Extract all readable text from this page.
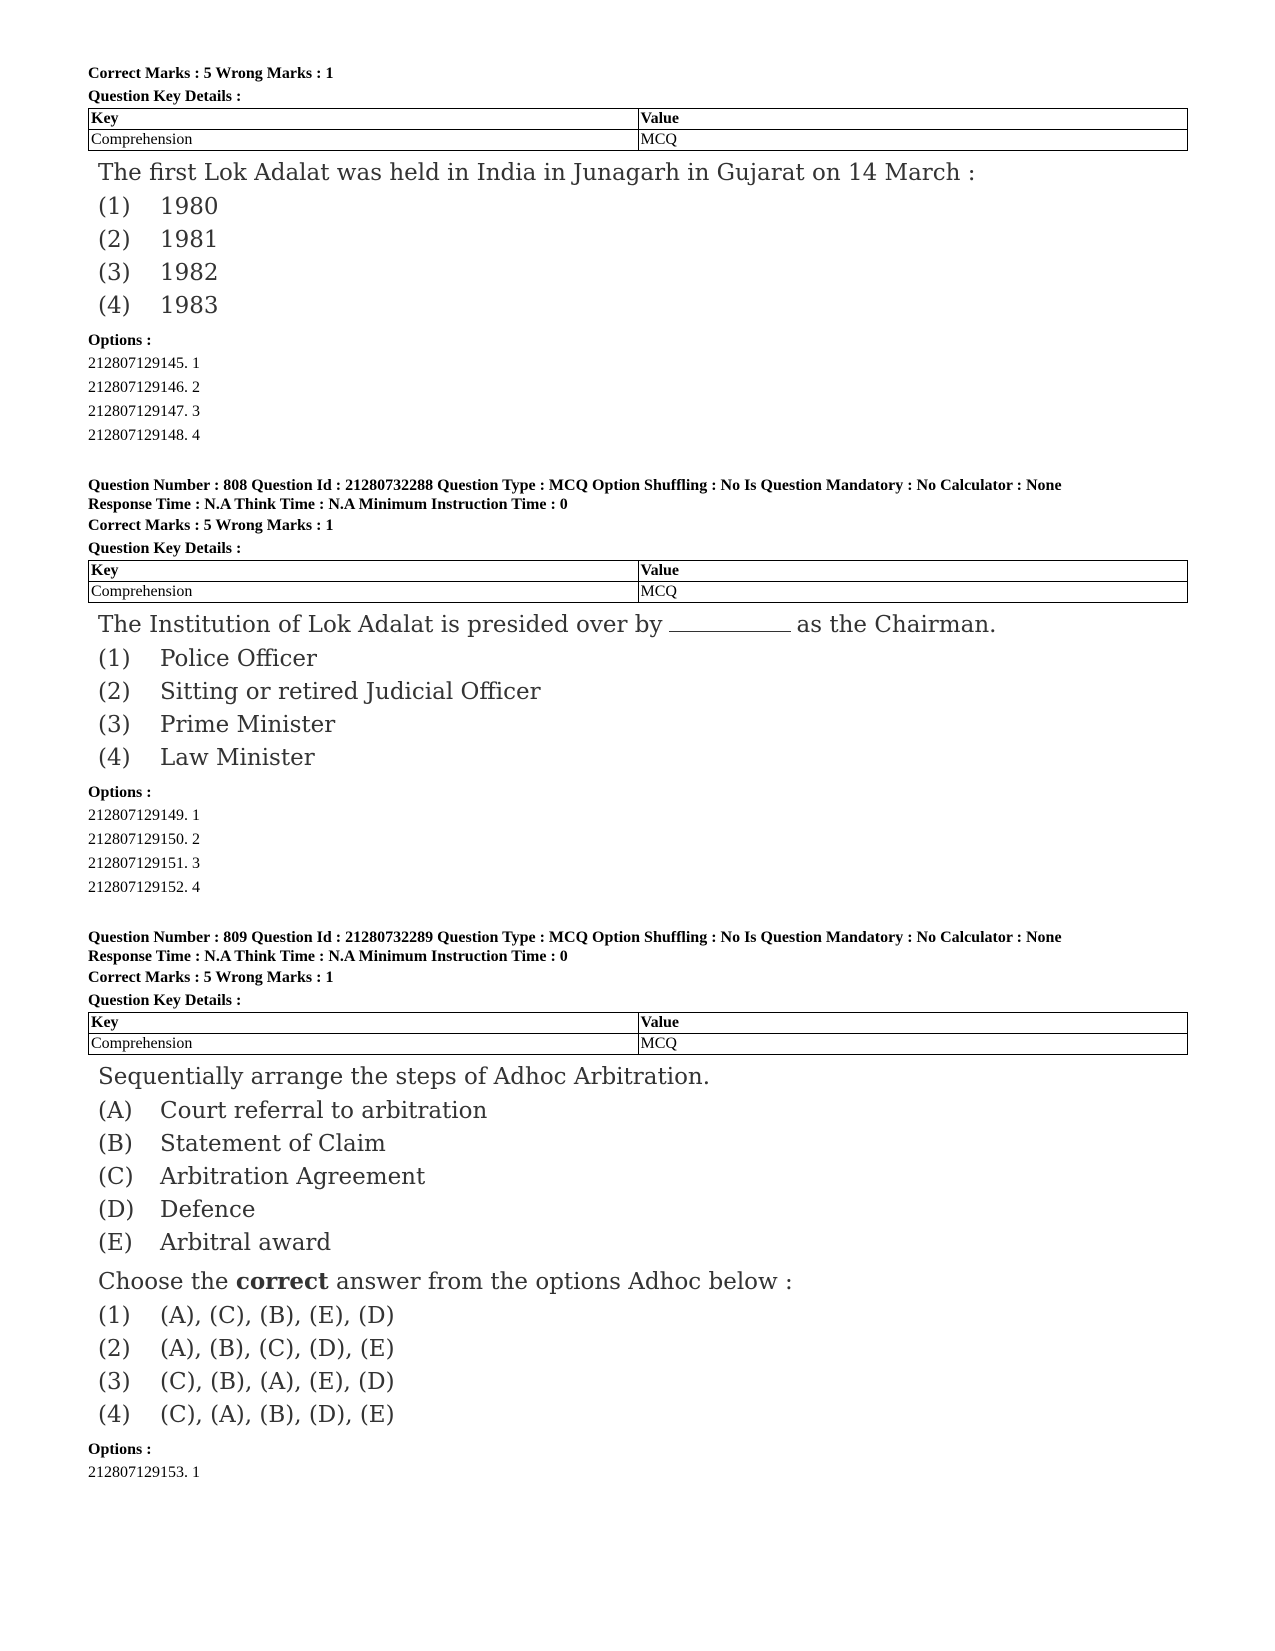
Correct Marks : 5 Wrong Marks : 1
Question Key Details :
Key	Value
Comprehension	MCQ
The first Lok Adalat was held in India in Junagarh in Gujarat on 14 March :
(1)	1980
(2)	1981
(3)	1982
(4)	1983
Options :
212807129145. 1
212807129146. 2
212807129147. 3
212807129148. 4
Question Number : 808 Question Id : 21280732288 Question Type : MCQ Option Shuffling : No Is Question Mandatory : No Calculator : None
Response Time : N.A Think Time : N.A Minimum Instruction Time : 0
Correct Marks : 5 Wrong Marks : 1
Question Key Details :
Key	Value
Comprehension	MCQ
The Institution of Lok Adalat is presided over by	as the Chairman.
(1)	Police Officer
(2)	Sitting or retired Judicial Officer
(3)	Prime Minister
(4)	Law Minister
Options :
212807129149. 1
212807129150. 2
212807129151. 3
212807129152. 4
Question Number : 809 Question Id : 21280732289 Question Type : MCQ Option Shuffling : No Is Question Mandatory : No Calculator : None
Response Time : N.A Think Time : N.A Minimum Instruction Time : 0
Correct Marks : 5 Wrong Marks : 1
Question Key Details :
Key	Value
Comprehension	MCQ
Sequentially arrange the steps of Adhoc Arbitration.
(A)	Court referral to arbitration
(B)	Statement of Claim
(C)	Arbitration Agreement
(D)	Defence
(E)	Arbitral award
Choose the correct answer from the options Adhoc below :
(1)	(A), (C), (B), (E), (D)
(2)	(A), (B), (C), (D), (E)
(3)	(C), (B), (A), (E), (D)
(4)	(C), (A), (B), (D), (E)
Options :
212807129153. 1
